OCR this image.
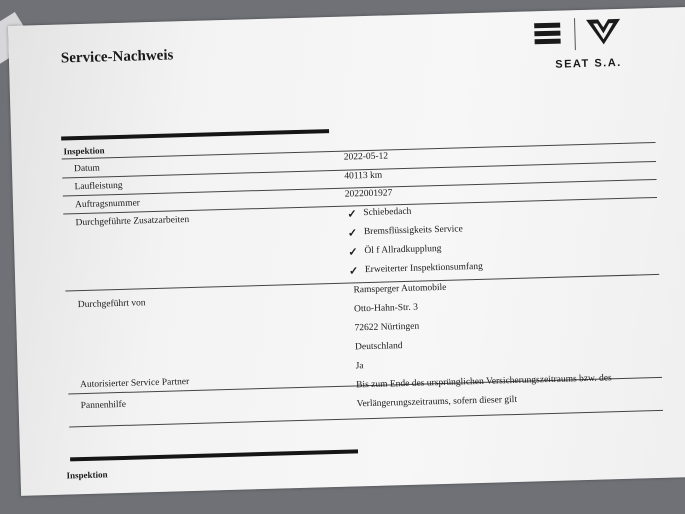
Service-Nachweis	SEAT S.A.
Inspektion
Datum
2022-05-12
Laufleistung
40113 km
Auftragsnummer
2022001927
Durchgeführte Zusatzarbeiten
✓ Schiebedach
✓ Bremsflüssigkeits Service
✓ Öl f Allradkupplung
✓ Erweiterter Inspektionsumfang
Durchgeführt von
Ramsperger Automobile
Otto-Hahn-Str. 3
72622 Nürtingen
Deutschland
Ja
Autorisierter Service Partner
Pannenhilfe
Bis zum Ende des ursprünglichen Versicherungszeitraums bzw. des
Verlängerungszeitraums, sofern dieser gilt
Inspektion
